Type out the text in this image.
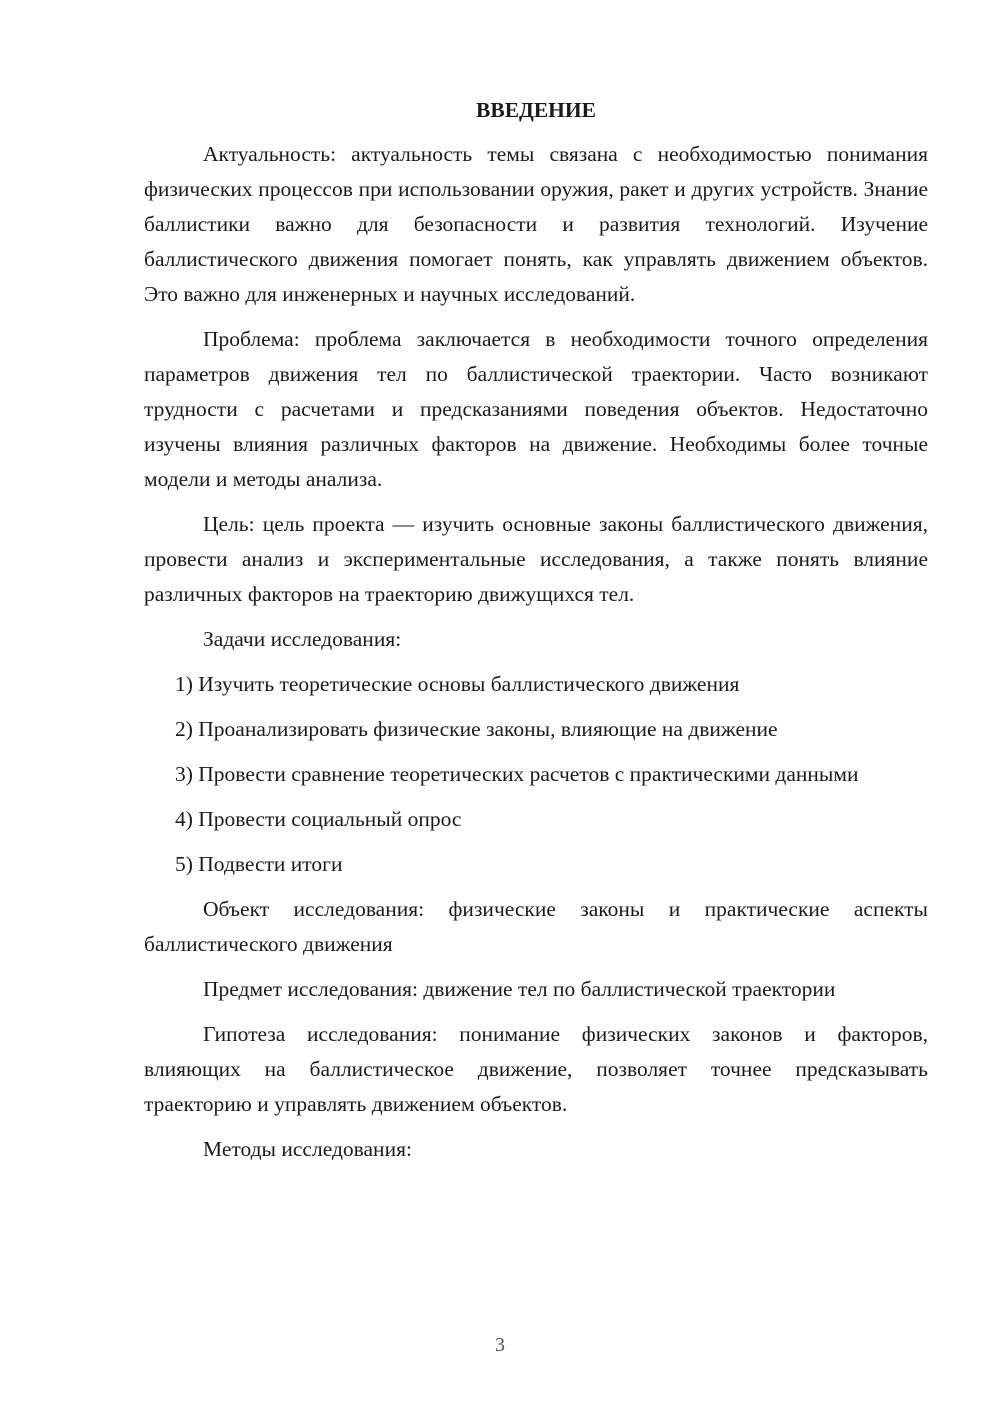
ВВЕДЕНИЕ

Актуальность: актуальность темы связана с необходимостью понимания физических процессов при использовании оружия, ракет и других устройств. Знание баллистики важно для безопасности и развития технологий. Изучение баллистического движения помогает понять, как управлять движением объектов. Это важно для инженерных и научных исследований.

Проблема: проблема заключается в необходимости точного определения параметров движения тел по баллистической траектории. Часто возникают трудности с расчетами и предсказаниями поведения объектов. Недостаточно изучены влияния различных факторов на движение. Необходимы более точные модели и методы анализа.

Цель: цель проекта — изучить основные законы баллистического движения, провести анализ и экспериментальные исследования, а также понять влияние различных факторов на траекторию движущихся тел.

Задачи исследования:

1) Изучить теоретические основы баллистического движения

2) Проанализировать физические законы, влияющие на движение

3) Провести сравнение теоретических расчетов с практическими данными

4) Провести социальный опрос

5) Подвести итоги

Объект исследования: физические законы и практические аспекты баллистического движения

Предмет исследования: движение тел по баллистической траектории

Гипотеза исследования: понимание физических законов и факторов, влияющих на баллистическое движение, позволяет точнее предсказывать траекторию и управлять движением объектов.

Методы исследования:

3
